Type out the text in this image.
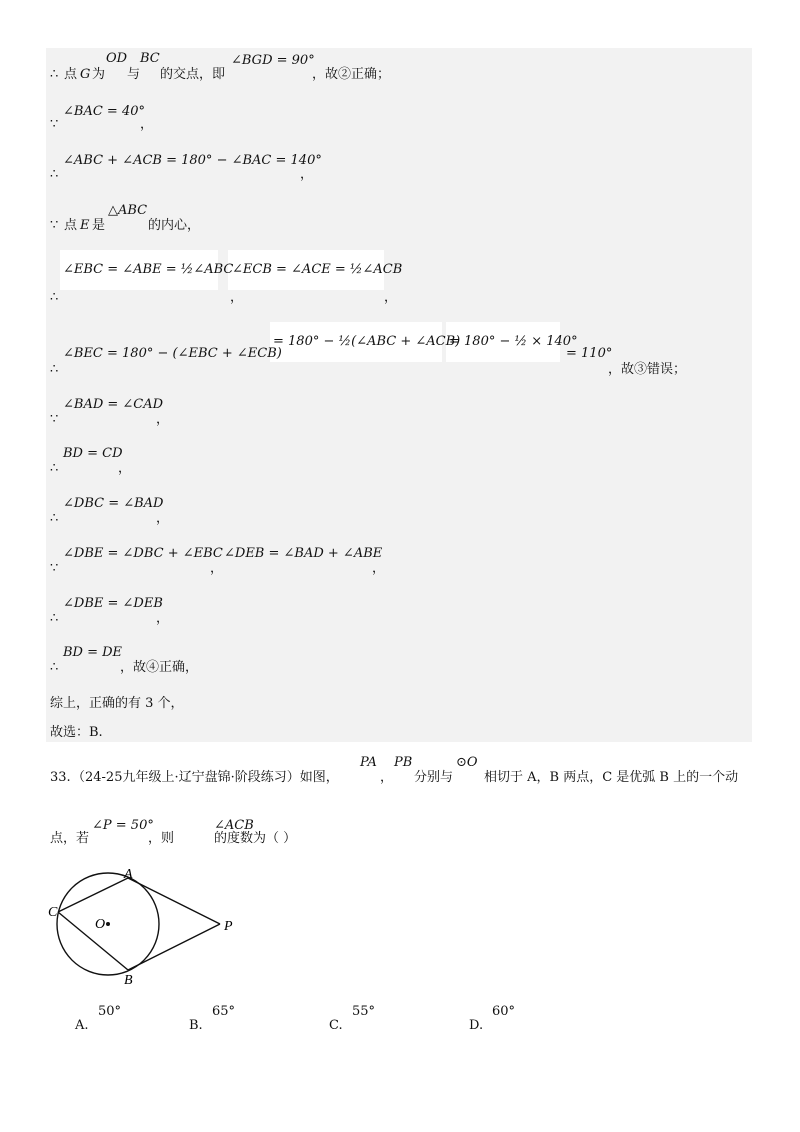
OD BC	∠BGD = 90°
∴ 点 G 为 与 的交点，即	，故②正确；
∠BAC = 40°
∵	，
∠ABC + ∠ACB = 180° − ∠BAC = 140°
∴	，
△ABC
∵ 点 E 是	的内心，
∠EBC = ∠ABE = ½∠ABC
∠ECB = ∠ACE = ½∠ACB
∴	，	，
∠BEC = 180° − (∠EBC + ∠ECB)
= 180° − ½(∠ABC + ∠ACB)
= 180° − ½ × 140°
= 110°
∴	，故③错误；
∠BAD = ∠CAD
∵	，
BD = CD
∴	，
∠DBC = ∠BAD
∴	，
∠DBE = ∠DBC + ∠EBC ∠DEB = ∠BAD + ∠ABE
∵	，	，
∠DBE = ∠DEB
∴	，
BD = DE
∴	，故④正确，
综上，正确的有 3 个，
故选：B.
PA PB	⊙O
33. （24-25九年级上·辽宁盘锦·阶段练习）如图，	， 分别与 相切于 A，B 两点，C 是优弧 B 上的一个动
∠P = 50°	∠ACB
点，若	，则	的度数为（ ）
A
B
C
O	P
50°
A.
65°
B.
55°
C.
60°
D.
